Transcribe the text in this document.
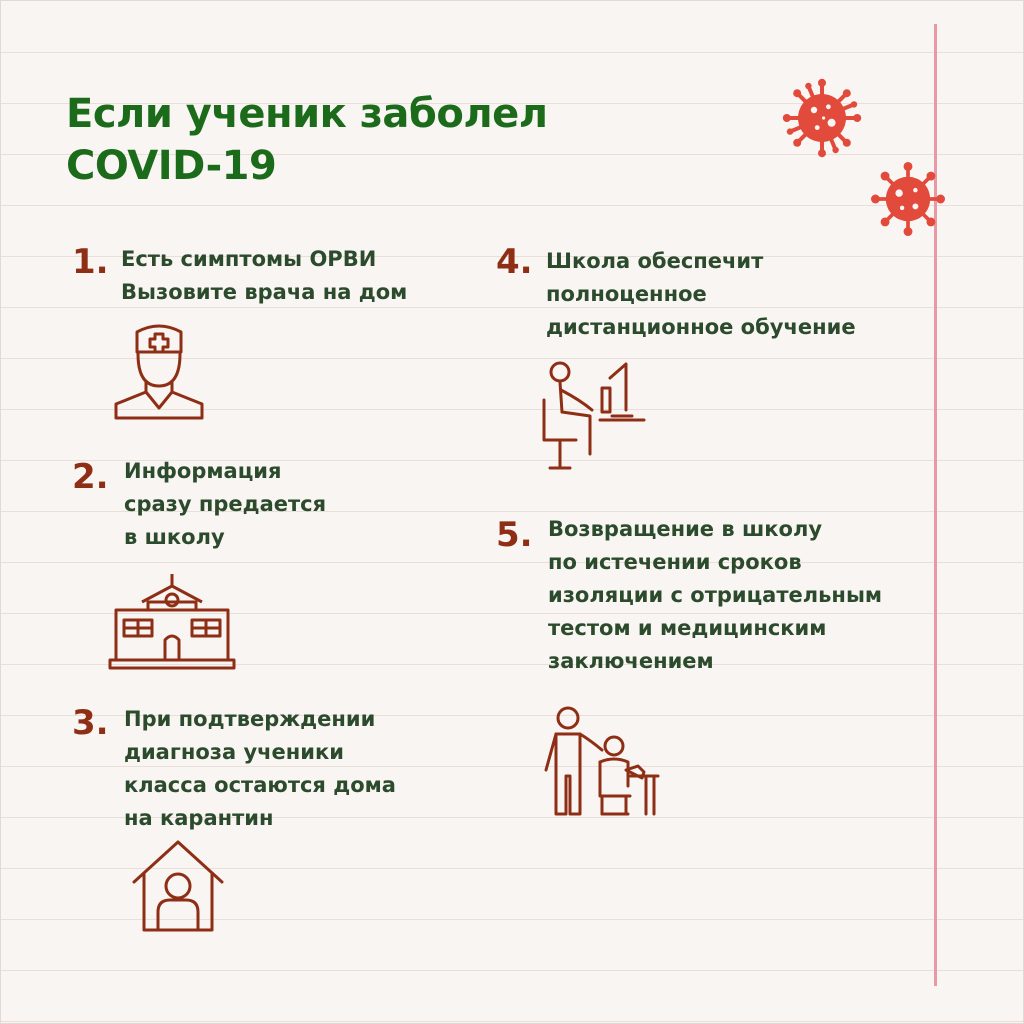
Если ученик заболел
COVID-19
1. Есть симптомы ОРВИ
Вызовите врача на дом

2. Информация
сразу предается
в школу

3. При подтверждении
диагноза ученики
класса остаются дома
на карантин

4. Школа обеспечит
полноценное
дистанционное обучение

5. Возвращение в школу
по истечении сроков
изоляции с отрицательным
тестом и медицинским
заключением
